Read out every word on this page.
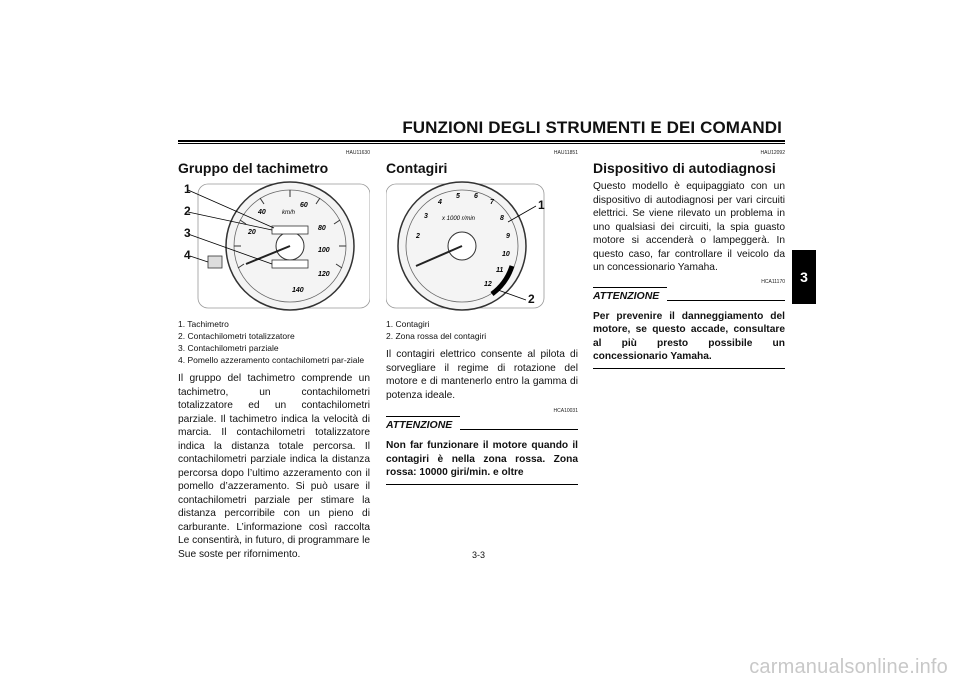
FUNZIONI DEGLI STRUMENTI E DEI COMANDI
3
HAU11630
Gruppo del tachimetro
km/h
40
60
80
20
100
120
140
1
2
3
4
1. Tachimetro
2. Contachilometri totalizzatore
3. Contachilometri parziale
4. Pomello azzeramento contachilometri par-ziale
Il gruppo del tachimetro comprende un tachimetro, un contachilometri totalizzatore ed un contachilometri parziale. Il tachimetro indica la velocità di marcia. Il contachilometri totalizzatore indica la distanza totale percorsa. Il contachilometri parziale indica la distanza percorsa dopo l’ultimo azzeramento con il pomello d’azzeramento. Si può usare il contachilometri parziale per stimare la distanza percorribile con un pieno di carburante. L’informazione così raccolta Le consentirà, in futuro, di programmare le Sue soste per rifornimento.
HAU11851
Contagiri
x 1000 r/min
2
3
4
5 6
7
8
9
10
11
12
1
2
1. Contagiri
2. Zona rossa del contagiri
Il contagiri elettrico consente al pilota di sorvegliare il regime di rotazione del motore e di mantenerlo entro la gamma di potenza ideale.
HCA10031
ATTENZIONE
Non far funzionare il motore quando il contagiri è nella zona rossa. Zona rossa: 10000 giri/min. e oltre
HAU12092
Dispositivo di autodiagnosi
Questo modello è equipaggiato con un dispositivo di autodiagnosi per vari circuiti elettrici. Se viene rilevato un problema in uno qualsiasi dei circuiti, la spia guasto motore si accenderà o lampeggerà. In questo caso, far controllare il veicolo da un concessionario Yamaha.
HCA11170
ATTENZIONE
Per prevenire il danneggiamento del motore, se questo accade, consultare al più presto possibile un concessionario Yamaha.
3-3
carmanualsonline.info
